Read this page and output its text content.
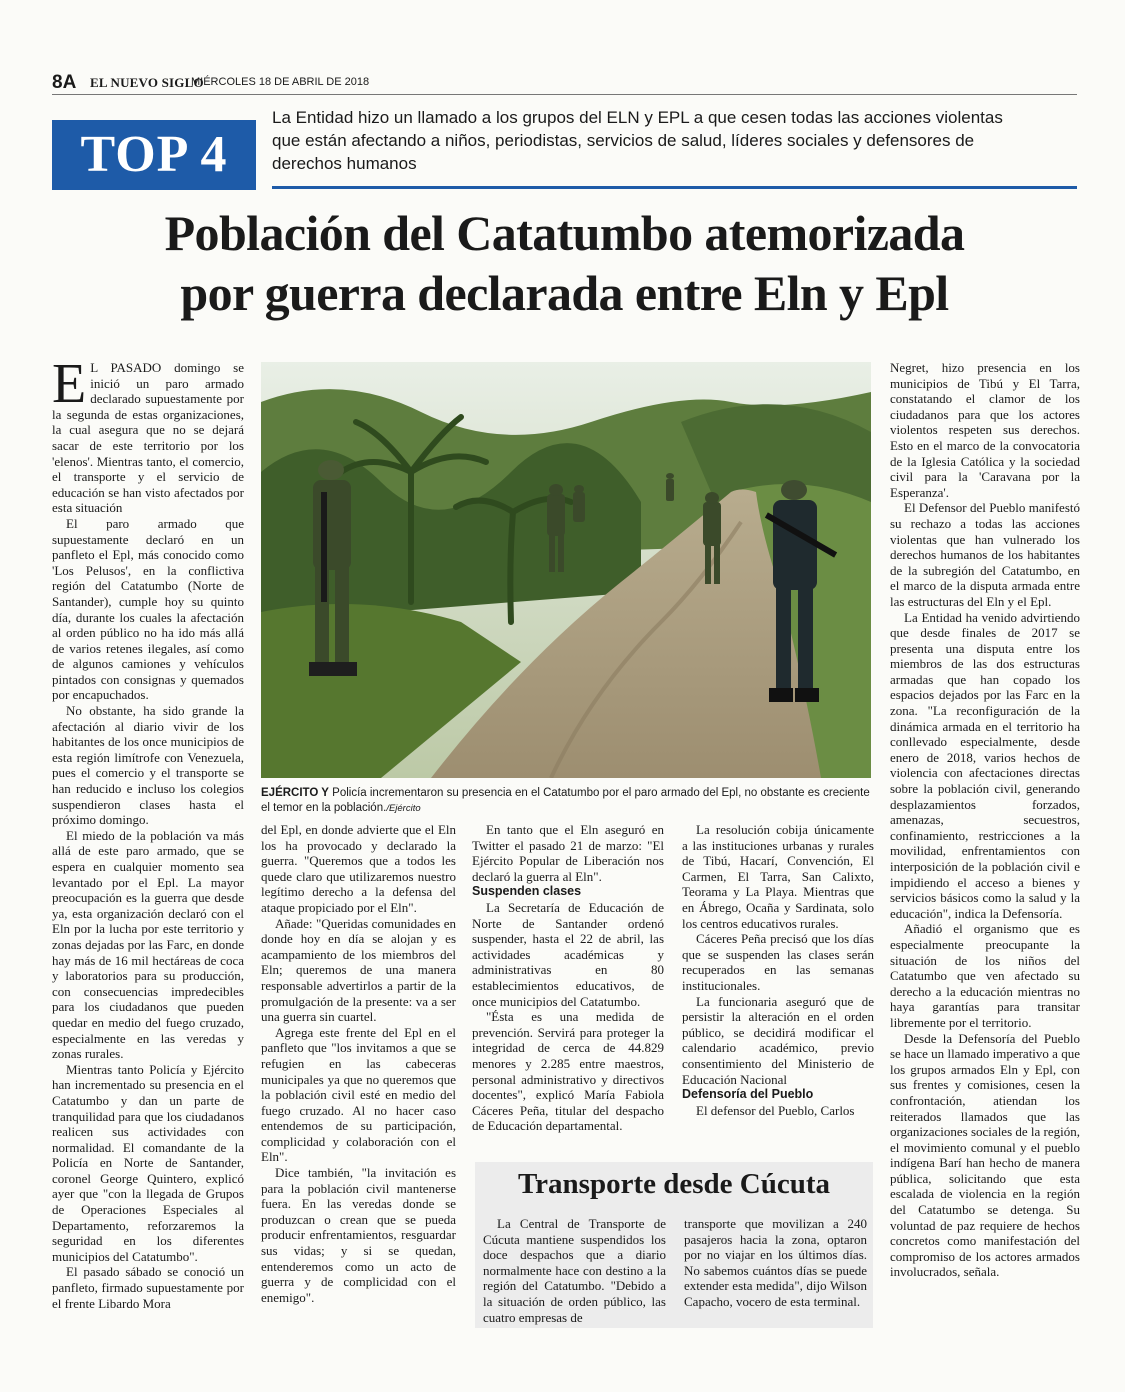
8A EL NUEVO SIGLO
MIÉRCOLES 18 DE ABRIL DE 2018
TOP 4
La Entidad hizo un llamado a los grupos del ELN y EPL a que cesen todas las acciones violentas que están afectando a niños, periodistas, servicios de salud, líderes sociales y defensores de derechos humanos
Población del Catatumbo atemorizada
por guerra declarada entre Eln y Epl

E L PASADO domingo se inició un paro armado declarado supuestamente por la segunda de estas organizaciones, la cual asegura que no se dejará sacar de este territorio por los 'elenos'. Mientras tanto, el comercio, el transporte y el servicio de educación se han visto afectados por esta situación

El paro armado que supuestamente declaró en un panfleto el Epl, más conocido como 'Los Pelusos', en la conflictiva región del Catatumbo (Norte de Santander), cumple hoy su quinto día, durante los cuales la afectación al orden público no ha ido más allá de varios retenes ilegales, así como de algunos camiones y vehículos pintados con consignas y quemados por encapuchados.

No obstante, ha sido grande la afectación al diario vivir de los habitantes de los once municipios de esta región limítrofe con Venezuela, pues el comercio y el transporte se han reducido e incluso los colegios suspendieron clases hasta el próximo domingo.

El miedo de la población va más allá de este paro armado, que se espera en cualquier momento sea levantado por el Epl. La mayor preocupación es la guerra que desde ya, esta organización declaró con el Eln por la lucha por este territorio y zonas dejadas por las Farc, en donde hay más de 16 mil hectáreas de coca y laboratorios para su producción, con consecuencias impredecibles para los ciudadanos que pueden quedar en medio del fuego cruzado, especialmente en las veredas y zonas rurales.

Mientras tanto Policía y Ejército han incrementado su presencia en el Catatumbo y dan un parte de tranquilidad para que los ciudadanos realicen sus actividades con normalidad. El comandante de la Policía en Norte de Santander, coronel George Quintero, explicó ayer que "con la llegada de Grupos de Operaciones Especiales al Departamento, reforzaremos la seguridad en los diferentes municipios del Catatumbo".

El pasado sábado se conoció un panfleto, firmado supuestamente por el frente Libardo Mora

EJÉRCITO Y Policía incrementaron su presencia en el Catatumbo por el paro armado del Epl, no obstante es creciente el temor en la población./Ejército

del Epl, en donde advierte que el Eln los ha provocado y declarado la guerra. "Queremos que a todos les quede claro que utilizaremos nuestro legítimo derecho a la defensa del ataque propiciado por el Eln".

Añade: "Queridas comunidades en donde hoy en día se alojan y es acampamiento de los miembros del Eln; queremos de una manera responsable advertirlos a partir de la promulgación de la presente: va a ser una guerra sin cuartel.

Agrega este frente del Epl en el panfleto que "los invitamos a que se refugien en las cabeceras municipales ya que no queremos que la población civil esté en medio del fuego cruzado. Al no hacer caso entendemos de su participación, complicidad y colaboración con el Eln".

Dice también, "la invitación es para la población civil mantenerse fuera. En las veredas donde se produzcan o crean que se pueda producir enfrentamientos, resguardar sus vidas; y si se quedan, entenderemos como un acto de guerra y de complicidad con el enemigo".

En tanto que el Eln aseguró en Twitter el pasado 21 de marzo: "El Ejército Popular de Liberación nos declaró la guerra al Eln".

Suspenden clases

La Secretaría de Educación de Norte de Santander ordenó suspender, hasta el 22 de abril, las actividades académicas y administrativas en 80 establecimientos educativos, de once municipios del Catatumbo.

"Ésta es una medida de prevención. Servirá para proteger la integridad de cerca de 44.829 menores y 2.285 entre maestros, personal administrativo y directivos docentes", explicó María Fabiola Cáceres Peña, titular del despacho de Educación departamental.

La resolución cobija únicamente a las instituciones urbanas y rurales de Tibú, Hacarí, Convención, El Carmen, El Tarra, San Calixto, Teorama y La Playa. Mientras que en Ábrego, Ocaña y Sardinata, solo los centros educativos rurales.

Cáceres Peña precisó que los días que se suspenden las clases serán recuperados en las semanas institucionales.

La funcionaria aseguró que de persistir la alteración en el orden público, se decidirá modificar el calendario académico, previo consentimiento del Ministerio de Educación Nacional

Defensoría del Pueblo

El defensor del Pueblo, Carlos

Negret, hizo presencia en los municipios de Tibú y El Tarra, constatando el clamor de los ciudadanos para que los actores violentos respeten sus derechos. Esto en el marco de la convocatoria de la Iglesia Católica y la sociedad civil para la 'Caravana por la Esperanza'.

El Defensor del Pueblo manifestó su rechazo a todas las acciones violentas que han vulnerado los derechos humanos de los habitantes de la subregión del Catatumbo, en el marco de la disputa armada entre las estructuras del Eln y el Epl.

La Entidad ha venido advirtiendo que desde finales de 2017 se presenta una disputa entre los miembros de las dos estructuras armadas que han copado los espacios dejados por las Farc en la zona. "La reconfiguración de la dinámica armada en el territorio ha conllevado especialmente, desde enero de 2018, varios hechos de violencia con afectaciones directas sobre la población civil, generando desplazamientos forzados, amenazas, secuestros, confinamiento, restricciones a la movilidad, enfrentamientos con interposición de la población civil e impidiendo el acceso a bienes y servicios básicos como la salud y la educación", indica la Defensoría.

Añadió el organismo que es especialmente preocupante la situación de los niños del Catatumbo que ven afectado su derecho a la educación mientras no haya garantías para transitar libremente por el territorio.

Desde la Defensoría del Pueblo se hace un llamado imperativo a que los grupos armados Eln y Epl, con sus frentes y comisiones, cesen la confrontación, atiendan los reiterados llamados que las organizaciones sociales de la región, el movimiento comunal y el pueblo indígena Barí han hecho de manera pública, solicitando que esta escalada de violencia en la región del Catatumbo se detenga. Su voluntad de paz requiere de hechos concretos como manifestación del compromiso de los actores armados involucrados, señala.

Transporte desde Cúcuta

La Central de Transporte de Cúcuta mantiene suspendidos los doce despachos que a diario normalmente hace con destino a la región del Catatumbo. "Debido a la situación de orden público, las cuatro empresas de

transporte que movilizan a 240 pasajeros hacia la zona, optaron por no viajar en los últimos días. No sabemos cuántos días se puede extender esta medida", dijo Wilson Capacho, vocero de esta terminal.
